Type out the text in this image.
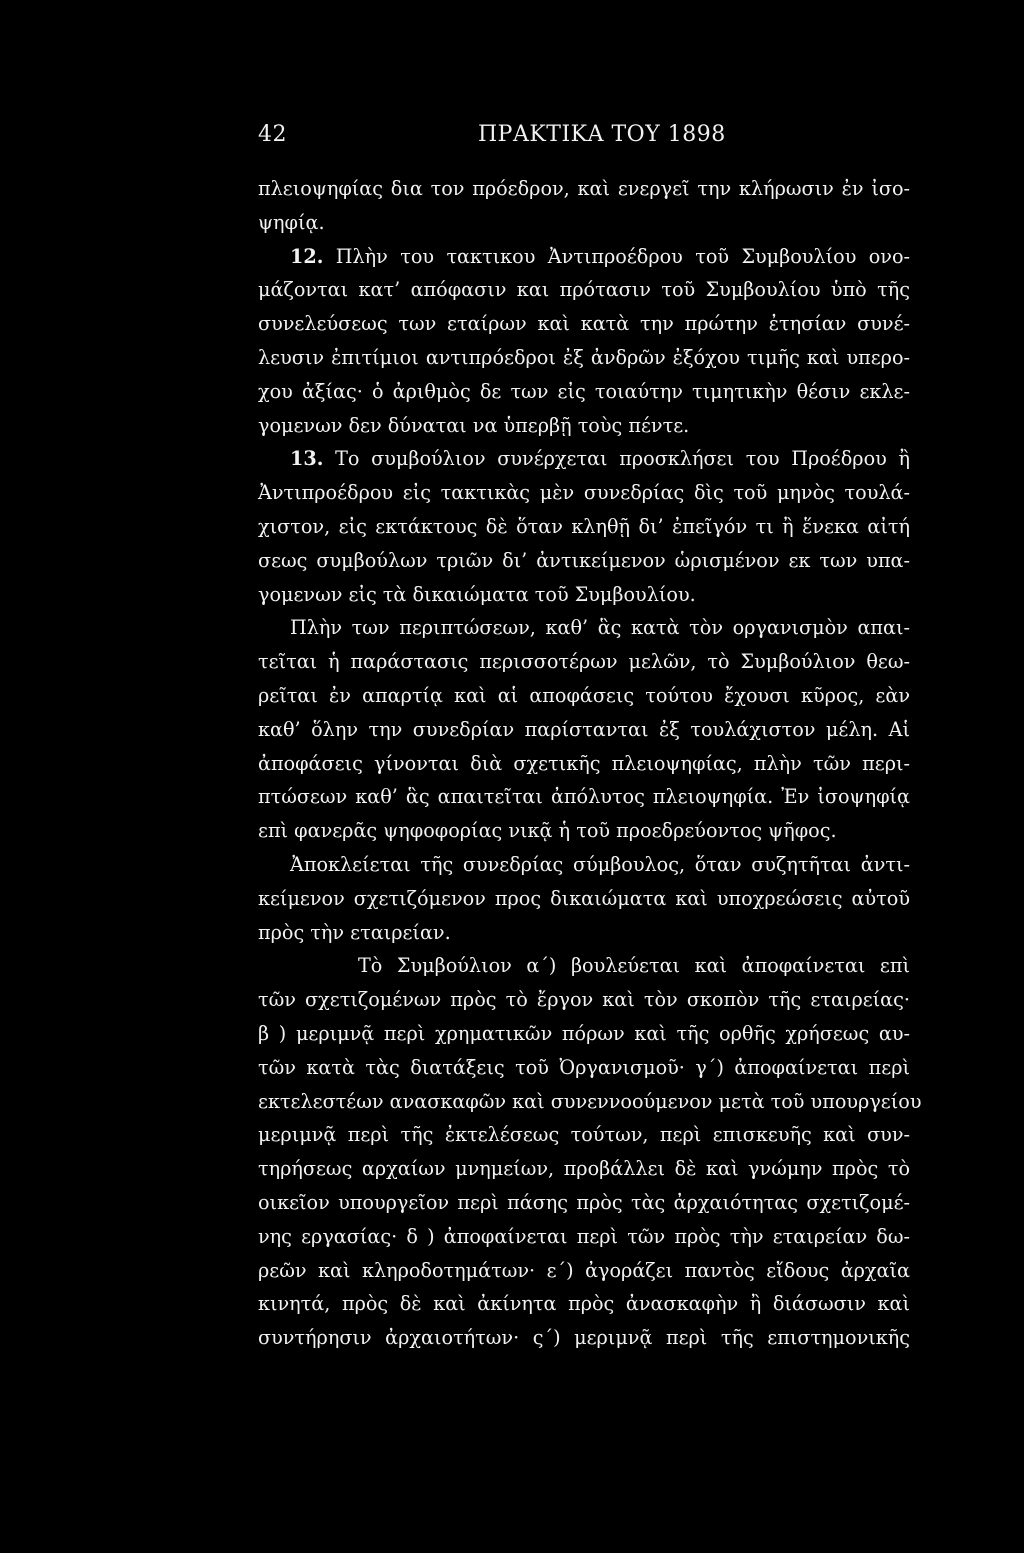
42	ΠΡΑΚΤΙΚΑ ΤΟΥ 1898
πλειοψηφίας δια τον πρόεδρον, καὶ ενεργεῖ την κλήρωσιν ἐν ἰσο-
ψηφίᾳ.
12. Πλὴν του τακτικου Ἀντιπροέδρου τοῦ Συμβουλίου ονο-
μάζονται κατ’ απόφασιν και πρότασιν τοῦ Συμβουλίου ὑπὸ τῆς
συνελεύσεως των εταίρων καὶ κατὰ την πρώτην ἐτησίαν συνέ-
λευσιν ἐπιτίμιοι αντιπρόεδροι ἐξ ἀνδρῶν ἐξόχου τιμῆς καὶ υπερο-
χου ἀξίας· ὁ ἀριθμὸς δε των εἰς τοιαύτην τιμητικὴν θέσιν εκλε-
γομενων δεν δύναται να ὑπερβῇ τοὺς πέντε.
13. Το συμβούλιον συνέρχεται προσκλήσει του Προέδρου ἢ
Ἀντιπροέδρου εἰς τακτικὰς μὲν συνεδρίας δὶς τοῦ μηνὸς τουλά-
χιστον, εἰς εκτάκτους δὲ ὅταν κληθῇ δι’ ἐπεῖγόν τι ἢ ἕνεκα αἰτή
σεως συμβούλων τριῶν δι’ ἀντικείμενον ὡρισμένον εκ των υπα-
γομενων εἰς τὰ δικαιώματα τοῦ Συμβουλίου.
Πλὴν των περιπτώσεων, καθ’ ἃς κατὰ τὸν οργανισμὸν απαι-
τεῖται ἡ παράστασις περισσοτέρων μελῶν, τὸ Συμβούλιον θεω-
ρεῖται ἐν απαρτίᾳ καὶ αἱ αποφάσεις τούτου ἔχουσι κῦρος, εὰν
καθ’ ὅλην την συνεδρίαν παρίστανται ἐξ τουλάχιστον μέλη. Αἱ
ἀποφάσεις γίνονται διὰ σχετικῆς πλειοψηφίας, πλὴν τῶν περι-
πτώσεων καθ’ ἃς απαιτεῖται ἀπόλυτος πλειοψηφία. Ἐν ἰσοψηφίᾳ
επὶ φανερᾶς ψηφοφορίας νικᾷ ἡ τοῦ προεδρεύοντος ψῆφος.
Ἀποκλείεται τῆς συνεδρίας σύμβουλος, ὅταν συζητῆται ἀντι-
κείμενον σχετιζόμενον προς δικαιώματα καὶ υποχρεώσεις αὐτοῦ
πρὸς τὴν εταιρείαν.
Τὸ Συμβούλιον α΄) βουλεύεται καὶ ἀποφαίνεται επὶ
τῶν σχετιζομένων πρὸς τὸ ἔργον καὶ τὸν σκοπὸν τῆς εταιρείας·
β ) μεριμνᾷ περὶ χρηματικῶν πόρων καὶ τῆς ορθῆς χρήσεως αυ-
τῶν κατὰ τὰς διατάξεις τοῦ Ὀργανισμοῦ· γ΄) ἀποφαίνεται περὶ
εκτελεστέων ανασκαφῶν καὶ συνεννοούμενον μετὰ τοῦ υπουργείου
μεριμνᾷ περὶ τῆς ἐκτελέσεως τούτων, περὶ επισκευῆς καὶ συν-
τηρήσεως αρχαίων μνημείων, προβάλλει δὲ καὶ γνώμην πρὸς τὸ
οικεῖον υπουργεῖον περὶ πάσης πρὸς τὰς ἀρχαιότητας σχετιζομέ-
νης εργασίας· δ ) ἀποφαίνεται περὶ τῶν πρὸς τὴν εταιρείαν δω-
ρεῶν καὶ κληροδοτημάτων· ε΄) ἀγοράζει παντὸς εἴδους ἀρχαῖα
κινητά, πρὸς δὲ καὶ ἀκίνητα πρὸς ἀνασκαφὴν ἢ διάσωσιν καὶ
συντήρησιν ἀρχαιοτήτων· ς΄) μεριμνᾷ περὶ τῆς επιστημονικῆς
